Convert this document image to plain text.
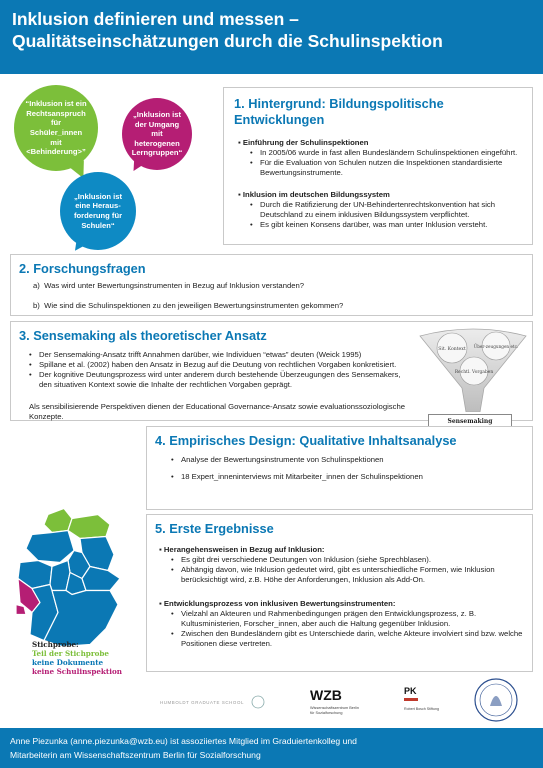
Inklusion definieren und messen –
Qualitätseinschätzungen durch die Schulinspektion
“Inklusion ist ein Rechtsanspruch für Schüler_innen mit <Behinderung>”
„Inklusion ist der Umgang mit heterogenen Lerngruppen“
„Inklusion ist eine Heraus-forderung für Schulen“
1. Hintergrund: Bildungspolitische Entwicklungen
▪ Einführung der Schulinspektionen
• In 2005/06 wurde in fast allen Bundesländern Schulinspektionen eingeführt.
• Für die Evaluation von Schulen nutzen die Inspektionen standardisierte Bewertungsinstrumente.
▪ Inklusion im deutschen Bildungssystem
• Durch die Ratifizierung der UN-Behindertenrechtskonvention hat sich Deutschland zu einem inklusiven Bildungssystem verpflichtet.
• Es gibt keinen Konsens darüber, was man unter Inklusion versteht.
2. Forschungsfragen
a) Was wird unter Bewertungsinstrumenten in Bezug auf Inklusion verstanden?
b) Wie sind die Schulinspektionen zu den jeweiligen Bewertungsinstrumenten gekommen?
3. Sensemaking als theoretischer Ansatz
• Der Sensemaking-Ansatz trifft Annahmen darüber, wie Individuen “etwas” deuten (Weick 1995)
• Spillane et al. (2002) haben den Ansatz in Bezug auf die Deutung von rechtlichen Vorgaben konkretisiert.
• Der kognitive Deutungsprozess wird unter anderem durch bestehende Überzeugungen des Sensemakers, den situativen Kontext sowie die Inhalte der rechtlichen Vorgaben geprägt.
Als sensibilisierende Perspektiven dienen der Educational Governance-Ansatz sowie evaluationssoziologische Konzepte.
Sit. Kontext
Über-zeugungen etc.
Rechtl. Vorgaben
Sensemaking
4. Empirisches Design: Qualitative Inhaltsanalyse
• Analyse der Bewertungsinstrumente von Schulinspektionen
• 18 Expert_inneninterviews mit Mitarbeiter_innen der Schulinspektionen
Stichprobe:
Teil der Stichprobe
keine Dokumente
keine Schulinspektion
5. Erste Ergebnisse
▪ Herangehensweisen in Bezug auf Inklusion:
• Es gibt drei verschiedene Deutungen von Inklusion (siehe Sprechblasen).
• Abhängig davon, wie Inklusion gedeutet wird, gibt es unterschiedliche Formen, wie Inklusion berücksichtigt wird, z.B. Höhe der Anforderungen, Inklusion als Add-On.
▪ Entwicklungsprozess von inklusiven Bewertungsinstrumenten:
• Vielzahl an Akteuren und Rahmenbedingungen prägen den Entwicklungsprozess, z. B. Kultusministerien, Forscher_innen, aber auch die Haltung gegenüber Inklusion.
• Zwischen den Bundesländern gibt es Unterschiede darin, welche Akteure involviert sind bzw. welche Positionen diese vertreten.
HUMBOLDT GRADUATE SCHOOL	WZB
Wissenschaftszentrum Berlin
für Sozialforschung
PK
Robert Bosch Stiftung
Anne Piezunka (anne.piezunka@wzb.eu) ist assoziiertes Mitglied im Graduiertenkolleg und
Mitarbeiterin am Wissenschaftszentrum Berlin für Sozialforschung
